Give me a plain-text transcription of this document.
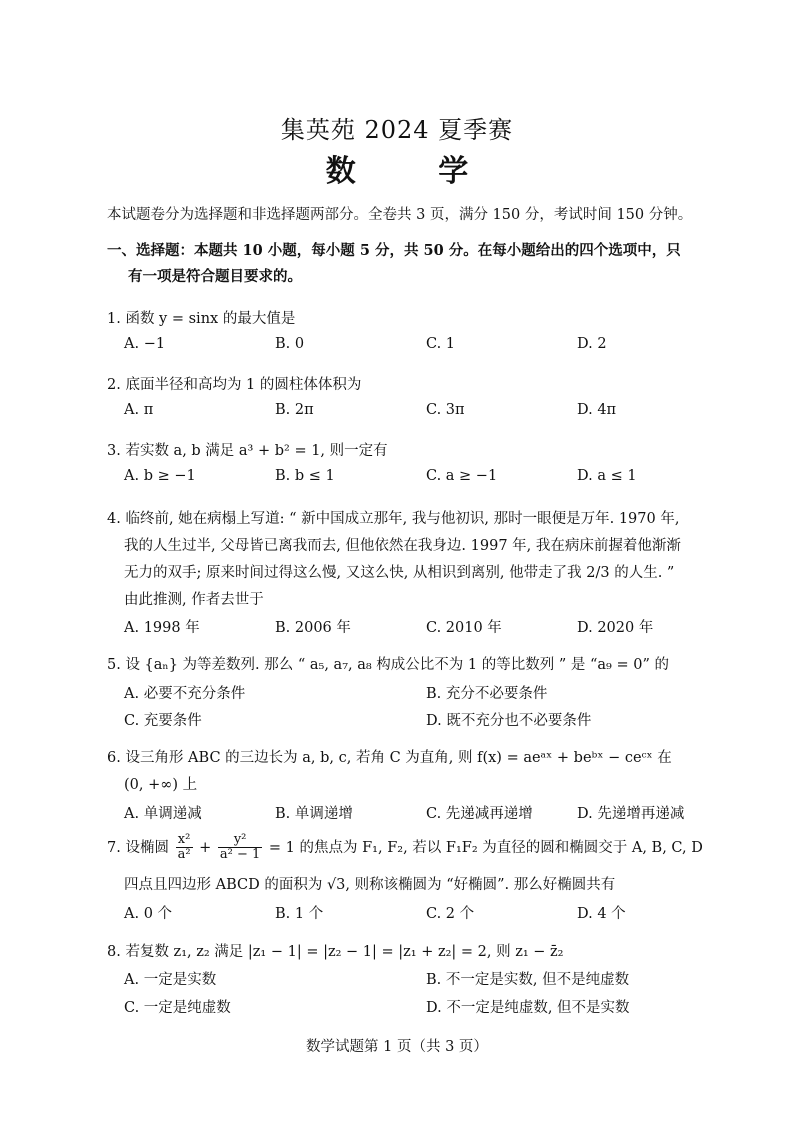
集英苑 2024 夏季赛
数 学
本试题卷分为选择题和非选择题两部分。全卷共 3 页，满分 150 分，考试时间 150 分钟。
一、选择题：本题共 10 小题，每小题 5 分，共 50 分。在每小题给出的四个选项中，只
有一项是符合题目要求的。
1. 函数 y = sinx 的最大值是
A. −1	B. 0	C. 1	D. 2
2. 底面半径和高均为 1 的圆柱体体积为
A. π	B. 2π	C. 3π	D. 4π
3. 若实数 a, b 满足 a³ + b² = 1, 则一定有
A. b ≥ −1	B. b ≤ 1	C. a ≥ −1	D. a ≤ 1
4. 临终前, 她在病榻上写道: “ 新中国成立那年, 我与他初识, 那时一眼便是万年. 1970 年,
我的人生过半, 父母皆已离我而去, 但他依然在我身边. 1997 年, 我在病床前握着他渐渐
无力的双手; 原来时间过得这么慢, 又这么快, 从相识到离别, 他带走了我 2/3 的人生. ”
由此推测, 作者去世于
A. 1998 年	B. 2006 年	C. 2010 年	D. 2020 年
5. 设 {aₙ} 为等差数列. 那么 “ a₅, a₇, a₈ 构成公比不为 1 的等比数列 ” 是 “a₉ = 0” 的
A. 必要不充分条件	B. 充分不必要条件
C. 充要条件	D. 既不充分也不必要条件
6. 设三角形 ABC 的三边长为 a, b, c, 若角 C 为直角, 则 f(x) = aeᵃˣ + beᵇˣ − ceᶜˣ 在
(0, +∞) 上
A. 单调递减	B. 单调递增	C. 先递减再递增	D. 先递增再递减
7. 设椭圆 $\frac{\text{x²}}{\text{a²}} + \frac{\text{y²}}{\text{a² − 1}} = 1$ 的焦点为 F₁, F₂, 若以 F₁F₂ 为直径的圆和椭圆交于 A, B, C, D
四点且四边形 ABCD 的面积为 √3, 则称该椭圆为 “好椭圆”. 那么好椭圆共有
A. 0 个	B. 1 个	C. 2 个	D. 4 个
8. 若复数 z₁, z₂ 满足 |z₁ − 1| = |z₂ − 1| = |z₁ + z₂| = 2, 则 z₁ − z̄₂
A. 一定是实数	B. 不一定是实数, 但不是纯虚数
C. 一定是纯虚数	D. 不一定是纯虚数, 但不是实数
数学试题第 1 页（共 3 页）
